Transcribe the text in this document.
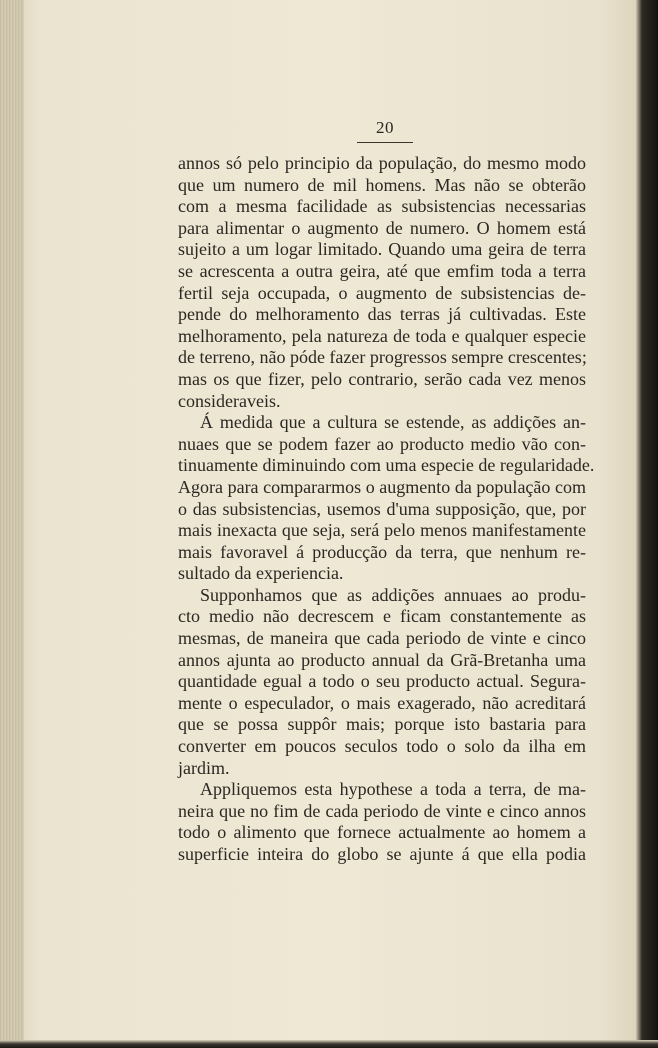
20
annos só pelo principio da população, do mesmo modo
que um numero de mil homens. Mas não se obterão
com a mesma facilidade as subsistencias necessarias
para alimentar o augmento de numero. O homem está
sujeito a um logar limitado. Quando uma geira de terra
se acrescenta a outra geira, até que emfim toda a terra
fertil seja occupada, o augmento de subsistencias de-
pende do melhoramento das terras já cultivadas. Este
melhoramento, pela natureza de toda e qualquer especie
de terreno, não póde fazer progressos sempre crescentes;
mas os que fizer, pelo contrario, serão cada vez menos
consideraveis.
Á medida que a cultura se estende, as addições an-
nuaes que se podem fazer ao producto medio vão con-
tinuamente diminuindo com uma especie de regularidade.
Agora para compararmos o augmento da população com
o das subsistencias, usemos d'uma supposição, que, por
mais inexacta que seja, será pelo menos manifestamente
mais favoravel á producção da terra, que nenhum re-
sultado da experiencia.
Supponhamos que as addições annuaes ao produ-
cto medio não decrescem e ficam constantemente as
mesmas, de maneira que cada periodo de vinte e cinco
annos ajunta ao producto annual da Grã-Bretanha uma
quantidade egual a todo o seu producto actual. Segura-
mente o especulador, o mais exagerado, não acreditará
que se possa suppôr mais; porque isto bastaria para
converter em poucos seculos todo o solo da ilha em
jardim.
Appliquemos esta hypothese a toda a terra, de ma-
neira que no fim de cada periodo de vinte e cinco annos
todo o alimento que fornece actualmente ao homem a
superficie inteira do globo se ajunte á que ella podia
